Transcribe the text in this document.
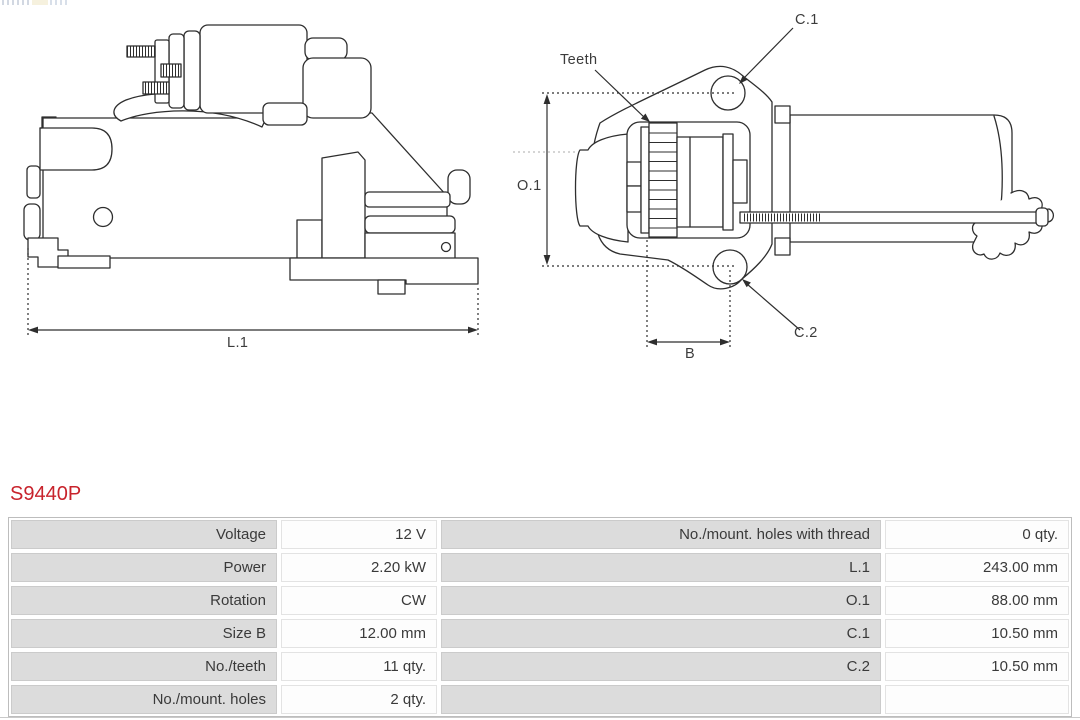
L.1
Teeth
C.1
C.2
O.1
B
S9440P
Voltage	12 V	No./mount. holes with thread	0 qty.
Power	2.20 kW	L.1	243.00 mm
Rotation	CW	O.1	88.00 mm
Size B	12.00 mm	C.1	10.50 mm
No./teeth	11 qty.	C.2	10.50 mm
No./mount. holes	2 qty.
